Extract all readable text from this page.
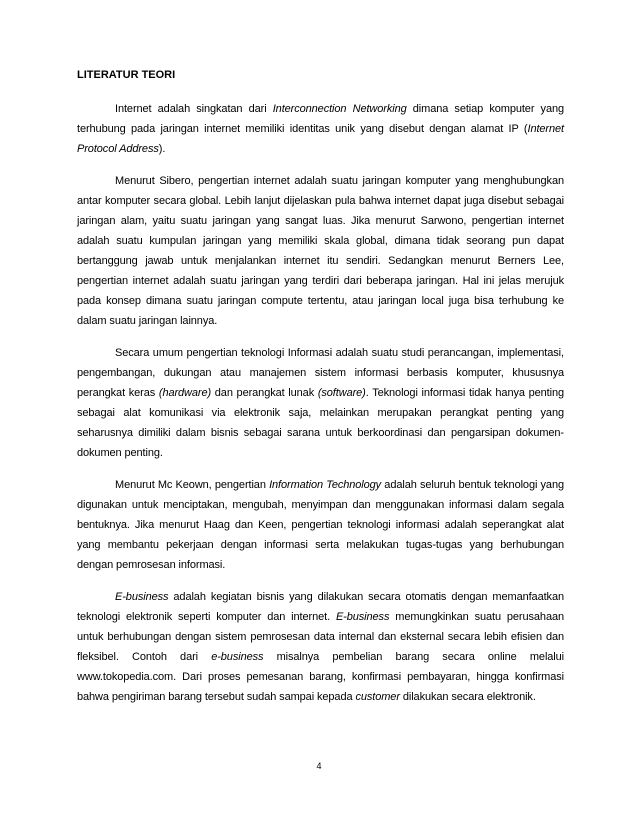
LITERATUR TEORI

Internet adalah singkatan dari Interconnection Networking dimana setiap komputer yang terhubung pada jaringan internet memiliki identitas unik yang disebut dengan alamat IP (Internet Protocol Address).

Menurut Sibero, pengertian internet adalah suatu jaringan komputer yang menghubungkan antar komputer secara global. Lebih lanjut dijelaskan pula bahwa internet dapat juga disebut sebagai jaringan alam, yaitu suatu jaringan yang sangat luas. Jika menurut Sarwono, pengertian internet adalah suatu kumpulan jaringan yang memiliki skala global, dimana tidak seorang pun dapat bertanggung jawab untuk menjalankan internet itu sendiri. Sedangkan menurut Berners Lee, pengertian internet adalah suatu jaringan yang terdiri dari beberapa jaringan. Hal ini jelas merujuk pada konsep dimana suatu jaringan compute tertentu, atau jaringan local juga bisa terhubung ke dalam suatu jaringan lainnya.

Secara umum pengertian teknologi Informasi adalah suatu studi perancangan, implementasi, pengembangan, dukungan atau manajemen sistem informasi berbasis komputer, khususnya perangkat keras (hardware) dan perangkat lunak (software). Teknologi informasi tidak hanya penting sebagai alat komunikasi via elektronik saja, melainkan merupakan perangkat penting yang seharusnya dimiliki dalam bisnis sebagai sarana untuk berkoordinasi dan pengarsipan dokumen-dokumen penting.

Menurut Mc Keown, pengertian Information Technology adalah seluruh bentuk teknologi yang digunakan untuk menciptakan, mengubah, menyimpan dan menggunakan informasi dalam segala bentuknya. Jika menurut Haag dan Keen, pengertian teknologi informasi adalah seperangkat alat yang membantu pekerjaan dengan informasi serta melakukan tugas-tugas yang berhubungan dengan pemrosesan informasi.

E-business adalah kegiatan bisnis yang dilakukan secara otomatis dengan memanfaatkan teknologi elektronik seperti komputer dan internet. E-business memungkinkan suatu perusahaan untuk berhubungan dengan sistem pemrosesan data internal dan eksternal secara lebih efisien dan fleksibel. Contoh dari e-business misalnya pembelian barang secara online melalui www.tokopedia.com. Dari proses pemesanan barang, konfirmasi pembayaran, hingga konfirmasi bahwa pengiriman barang tersebut sudah sampai kepada customer dilakukan secara elektronik.

4
